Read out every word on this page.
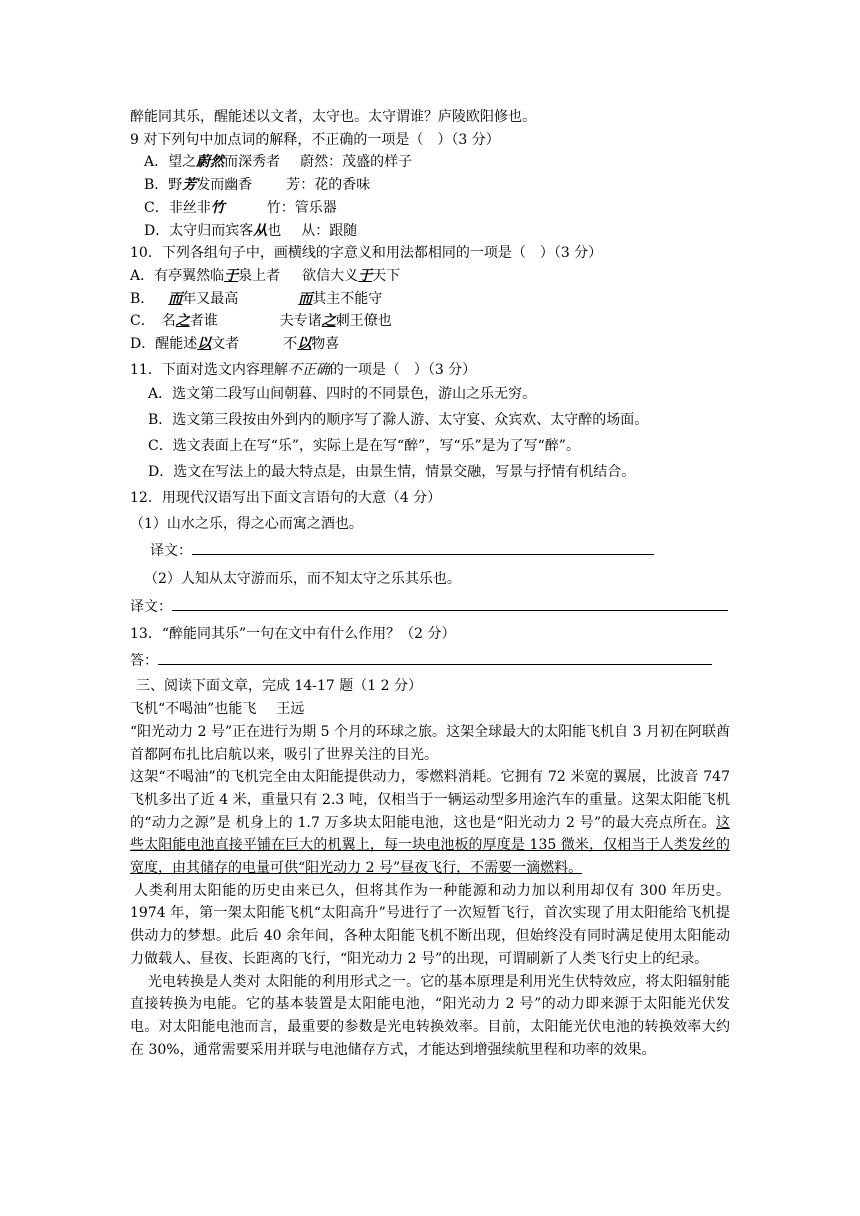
醉能同其乐，醒能述以文者，太守也。太守谓谁？庐陵欧阳修也。
9 对下列句中加点词的解释，不正确的一项是（　）（3 分）
A．望之蔚然而深秀者 蔚然：茂盛的样子
B．野芳发而幽香 芳：花的香味
C．非丝非竹	竹：管乐器
D．太守归而宾客从也 从：跟随
10．下列各组句子中，画横线的字意义和用法都相同的一项是（　）（3 分）
A．有亭翼然临于泉上者 欲信大义于天下
B． 而年又最高	而其主不能守
C．　名之者谁	夫专诸之刺王僚也
D．醒能述以文者	不以物喜
11．下面对选文内容理解不正确的一项是（　）（3 分）
A．选文第二段写山间朝暮、四时的不同景色，游山之乐无穷。
B．选文第三段按由外到内的顺序写了滁人游、太守宴、众宾欢、太守醉的场面。
C．选文表面上在写“乐”，实际上是在写“醉”，写“乐”是为了写“醉”。
D．选文在写法上的最大特点是，由景生情，情景交融，写景与抒情有机结合。
12．用现代汉语写出下面文言语句的大意（4 分）
（1）山水之乐，得之心而寓之酒也。
译文：
（2）人知从太守游而乐，而不知太守之乐其乐也。
译文：
13．“醉能同其乐”一句在文中有什么作用？（2 分）
答：
三、阅读下面文章，完成 14-17 题（1 2 分）
飞机“不喝油”也能飞 王远
“阳光动力 2 号”正在进行为期 5 个月的环球之旅。这架全球最大的太阳能飞机自 3 月初在阿联酋首都阿布扎比启航以来，吸引了世界关注的目光。
这架“不喝油”的飞机完全由太阳能提供动力，零燃料消耗。它拥有 72 米宽的翼展，比波音 747 飞机多出了近 4 米，重量只有 2.3 吨，仅相当于一辆运动型多用途汽车的重量。这架太阳能飞机的“动力之源”是 机身上的 1.7 万多块太阳能电池，这也是“阳光动力 2 号”的最大亮点所在。这些太阳能电池直接平铺在巨大的机翼上，每一块电池板的厚度是 135 微米，仅相当于人类发丝的宽度，由其储存的电量可供“阳光动力 2 号”昼夜飞行，不需要一滴燃料。
人类利用太阳能的历史由来已久，但将其作为一种能源和动力加以利用却仅有 300 年历史。1974 年，第一架太阳能飞机“太阳高升”号进行了一次短暂飞行，首次实现了用太阳能给飞机提供动力的梦想。此后 40 余年间，各种太阳能飞机不断出现，但始终没有同时满足使用太阳能动力做载人、昼夜、长距离的飞行，“阳光动力 2 号”的出现，可谓刷新了人类飞行史上的纪录。
光电转换是人类对 太阳能的利用形式之一。它的基本原理是利用光生伏特效应，将太阳辐射能直接转换为电能。它的基本装置是太阳能电池，“阳光动力 2 号”的动力即来源于太阳能光伏发电。对太阳能电池而言，最重要的参数是光电转换效率。目前，太阳能光伏电池的转换效率大约在 30%，通常需要采用并联与电池储存方式，才能达到增强续航里程和功率的效果。
